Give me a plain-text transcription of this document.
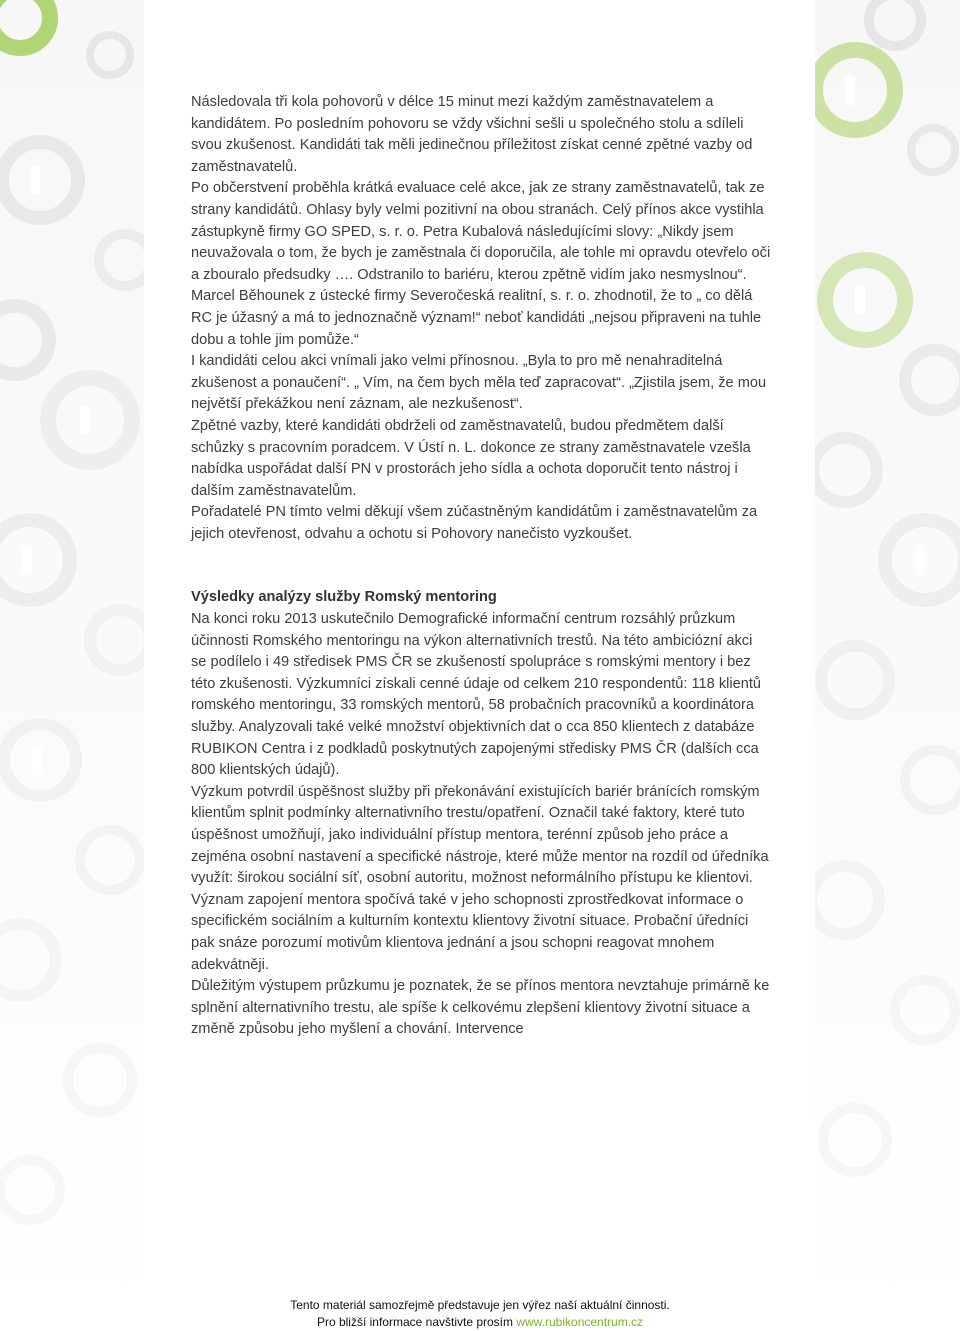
Následovala tři kola pohovorů v délce 15 minut mezi každým zaměstnavatelem a kandidátem. Po posledním pohovoru se vždy všichni sešli u společného stolu a sdíleli svou zkušenost. Kandidáti tak měli jedinečnou příležitost získat cenné zpětné vazby od zaměstnavatelů.

Po občerstvení proběhla krátká evaluace celé akce, jak ze strany zaměstnavatelů, tak ze strany kandidátů. Ohlasy byly velmi pozitivní na obou stranách. Celý přínos akce vystihla zástupkyně firmy GO SPED, s. r. o. Petra Kubalová následujícími slovy: „Nikdy jsem neuvažovala o tom, že bych je zaměstnala či doporučila, ale tohle mi opravdu otevřelo oči a zbouralo předsudky …. Odstranilo to bariéru, kterou zpětně vidím jako nesmyslnou“. Marcel Běhounek z ústecké firmy Severočeská realitní, s. r. o. zhodnotil, že to „ co dělá RC je úžasný a má to jednoznačně význam!“ neboť kandidáti „nejsou připraveni na tuhle dobu a tohle jim pomůže.“

I kandidáti celou akci vnímali jako velmi přínosnou. „Byla to pro mě nenahraditelná zkušenost a ponaučení“. „ Vím, na čem bych měla teď zapracovat“. „Zjistila jsem, že mou největší překážkou není záznam, ale nezkušenost“.

Zpětné vazby, které kandidáti obdrželi od zaměstnavatelů, budou předmětem další schůzky s pracovním poradcem. V Ústí n. L. dokonce ze strany zaměstnavatele vzešla nabídka uspořádat další PN v prostorách jeho sídla a ochota doporučit tento nástroj i dalším zaměstnavatelům.

Pořadatelé PN tímto velmi děkují všem zúčastněným kandidátům i zaměstnavatelům za jejich otevřenost, odvahu a ochotu si Pohovory nanečisto vyzkoušet.

Výsledky analýzy služby Romský mentoring

Na konci roku 2013 uskutečnilo Demografické informační centrum rozsáhlý průzkum účinnosti Romského mentoringu na výkon alternativních trestů. Na této ambiciózní akci se podílelo i 49 středisek PMS ČR se zkušeností spolupráce s romskými mentory i bez této zkušenosti. Výzkumníci získali cenné údaje od celkem 210 respondentů: 118 klientů romského mentoringu, 33 romských mentorů, 58 probačních pracovníků a koordinátora služby. Analyzovali také velké množství objektivních dat o cca 850 klientech z databáze RUBIKON Centra i z podkladů poskytnutých zapojenými středisky PMS ČR (dalších cca 800 klientských údajů).

Výzkum potvrdil úspěšnost služby při překonávání existujících bariér bránících romským klientům splnit podmínky alternativního trestu/opatření. Označil také faktory, které tuto úspěšnost umožňují, jako individuální přístup mentora, terénní způsob jeho práce a zejména osobní nastavení a specifické nástroje, které může mentor na rozdíl od úředníka využít: širokou sociální síť, osobní autoritu, možnost neformálního přístupu ke klientovi.

Význam zapojení mentora spočívá také v jeho schopnosti zprostředkovat informace o specifickém sociálním a kulturním kontextu klientovy životní situace. Probační úředníci pak snáze porozumí motivům klientova jednání a jsou schopni reagovat mnohem adekvátněji.

Důležitým výstupem průzkumu je poznatek, že se přínos mentora nevztahuje primárně ke splnění alternativního trestu, ale spíše k celkovému zlepšení klientovy životní situace a změně způsobu jeho myšlení a chování. Intervence

Tento materiál samozřejmě představuje jen výřez naší aktuální činnosti.
Pro bližší informace navštivte prosím www.rubikoncentrum.cz
